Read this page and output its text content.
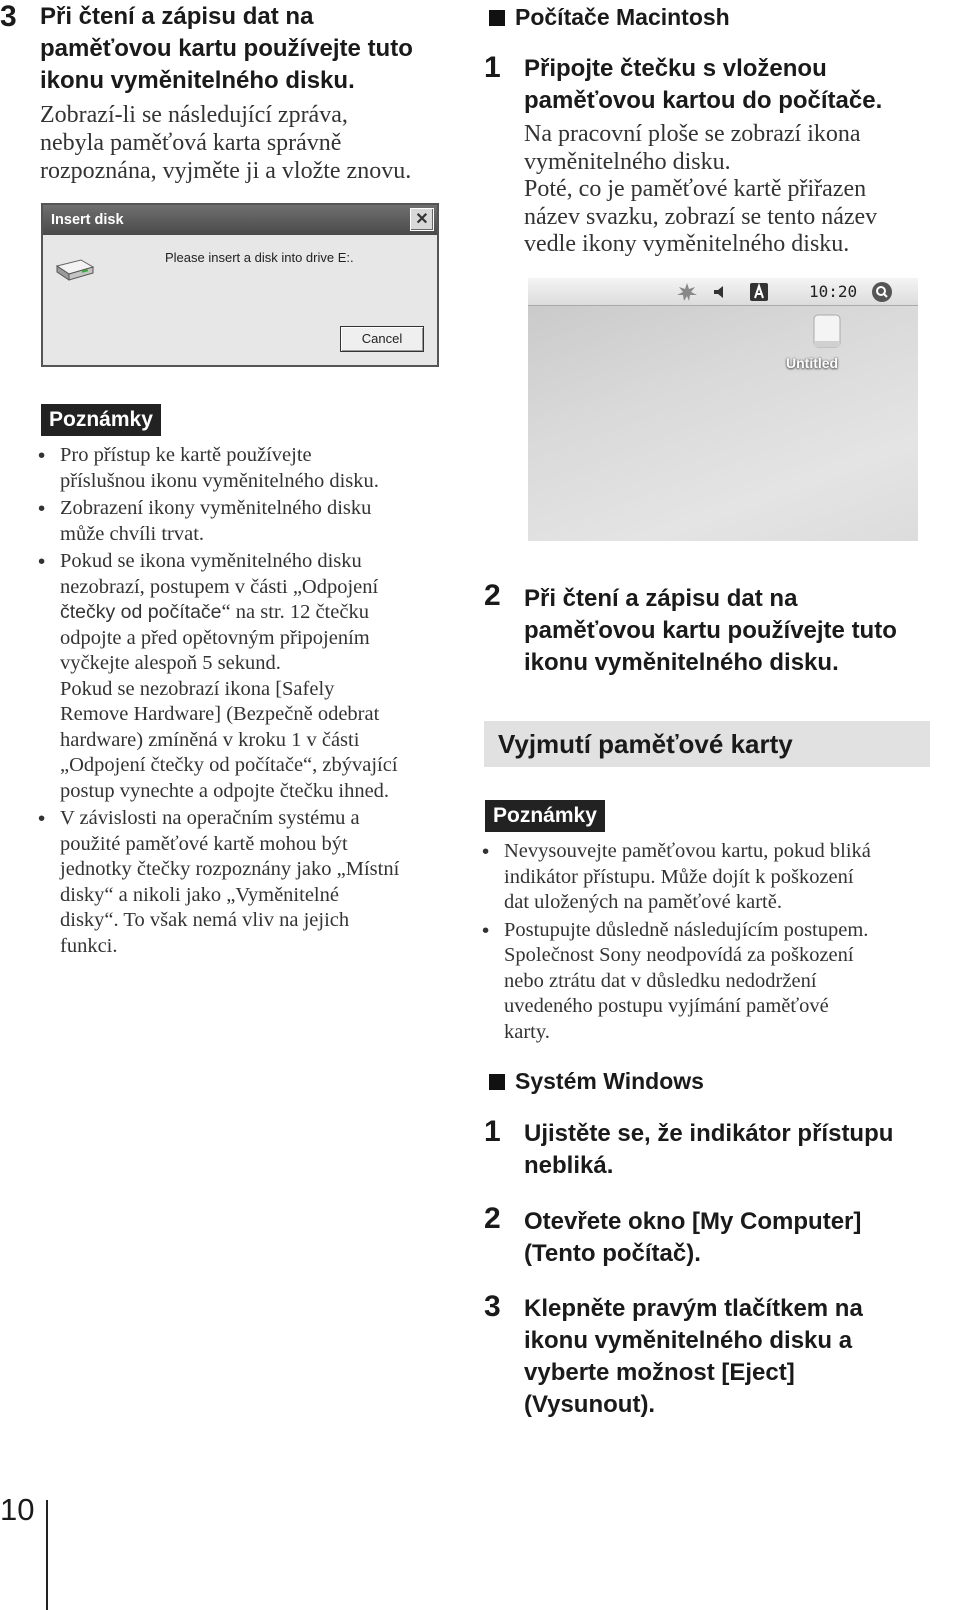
3 Při čtení a zápisu dat na
paměťovou kartu používejte tuto
ikonu vyměnitelného disku.
Zobrazí-li se následující zpráva,
nebyla paměťová karta správně
rozpoznána, vyjměte ji a vložte znovu.
Insert disk	✕
Please insert a disk into drive E:.
Cancel
Poznámky
• Pro přístup ke kartě používejte
příslušnou ikonu vyměnitelného disku.
• Zobrazení ikony vyměnitelného disku
může chvíli trvat.
• Pokud se ikona vyměnitelného disku
nezobrazí, postupem v části „Odpojení
čtečky od počítače“ na str. 12 čtečku
odpojte a před opětovným připojením
vyčkejte alespoň 5 sekund.
Pokud se nezobrazí ikona [Safely
Remove Hardware] (Bezpečně odebrat
hardware) zmíněná v kroku 1 v části
„Odpojení čtečky od počítače“, zbývající
postup vynechte a odpojte čtečku ihned.
• V závislosti na operačním systému a
použité paměťové kartě mohou být
jednotky čtečky rozpoznány jako „Místní
disky“ a nikoli jako „Vyměnitelné
disky“. To však nemá vliv na jejich
funkci.
10
Počítače Macintosh
1 Připojte čtečku s vloženou
paměťovou kartou do počítače.
Na pracovní ploše se zobrazí ikona
vyměnitelného disku.
Poté, co je paměťové kartě přiřazen
název svazku, zobrazí se tento název
vedle ikony vyměnitelného disku.
10:20
Untitled
2 Při čtení a zápisu dat na
paměťovou kartu používejte tuto
ikonu vyměnitelného disku.
Vyjmutí paměťové karty
Poznámky
• Nevysouvejte paměťovou kartu, pokud bliká
indikátor přístupu. Může dojít k poškození
dat uložených na paměťové kartě.
• Postupujte důsledně následujícím postupem.
Společnost Sony neodpovídá za poškození
nebo ztrátu dat v důsledku nedodržení
uvedeného postupu vyjímání paměťové
karty.
Systém Windows
1 Ujistěte se, že indikátor přístupu
nebliká.
2 Otevřete okno [My Computer]
(Tento počítač).
3 Klepněte pravým tlačítkem na
ikonu vyměnitelného disku a
vyberte možnost [Eject]
(Vysunout).
